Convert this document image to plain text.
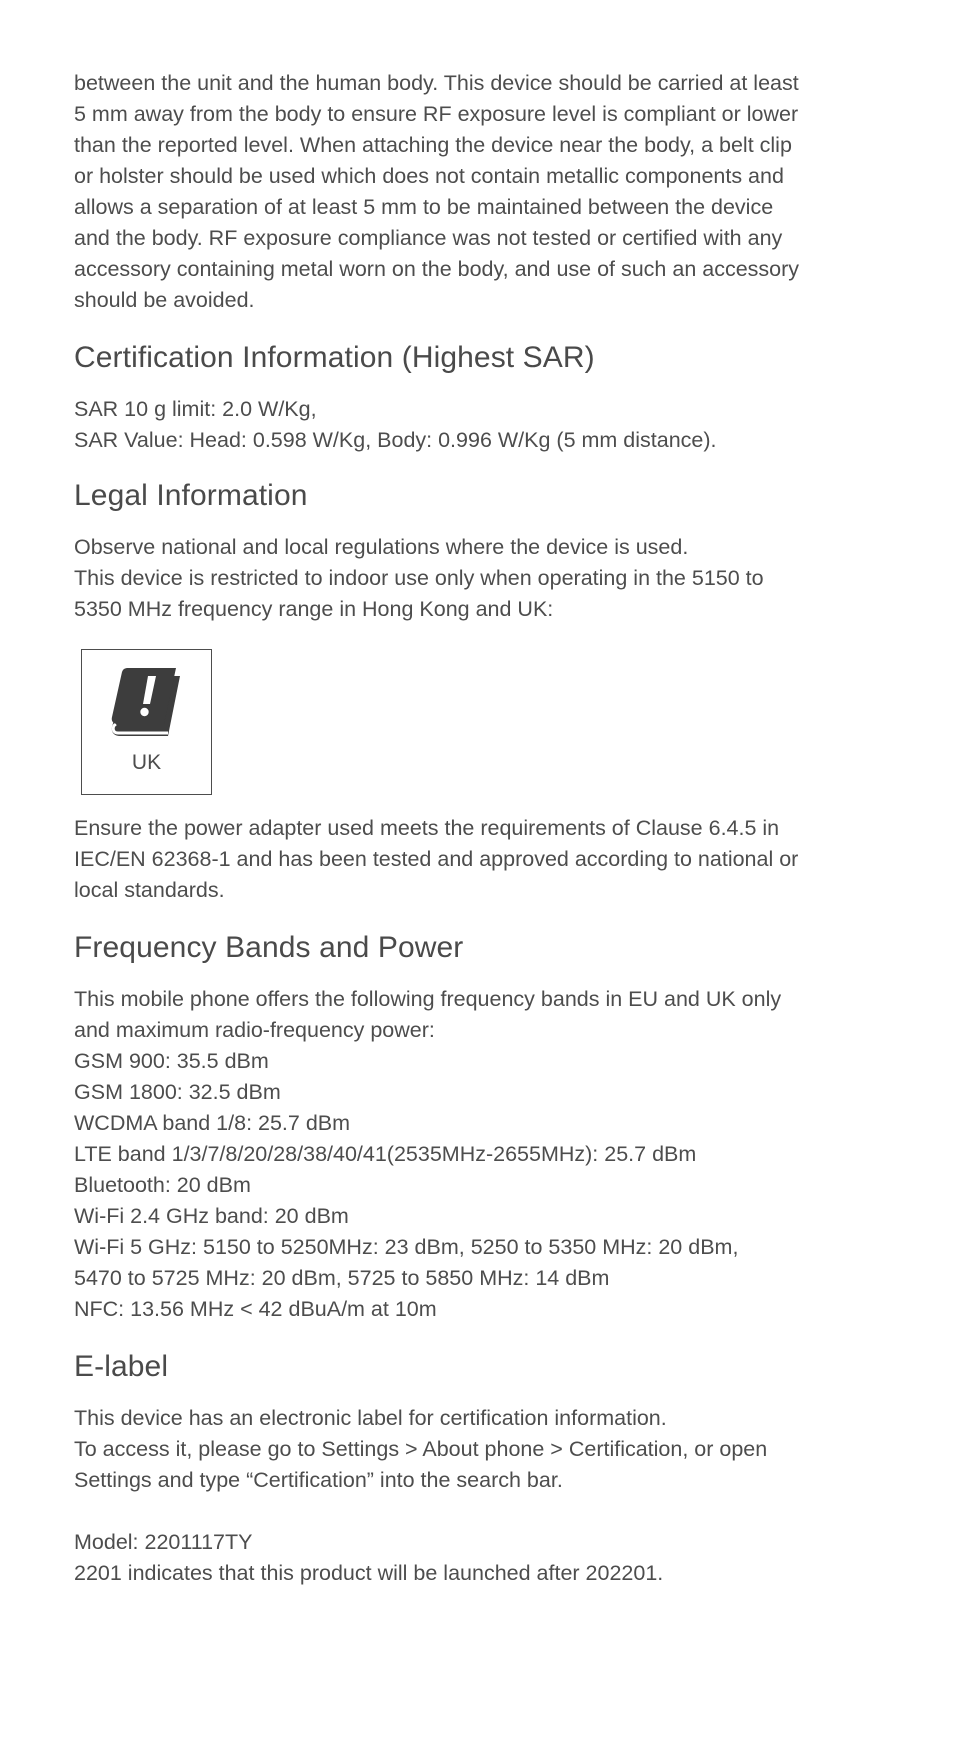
between the unit and the human body. This device should be carried at least
5 mm away from the body to ensure RF exposure level is compliant or lower
than the reported level. When attaching the device near the body, a belt clip
or holster should be used which does not contain metallic components and
allows a separation of at least 5 mm to be maintained between the device
and the body. RF exposure compliance was not tested or certified with any
accessory containing metal worn on the body, and use of such an accessory
should be avoided.

Certification Information (Highest SAR)

SAR 10 g limit: 2.0 W/Kg,
SAR Value: Head: 0.598 W/Kg, Body: 0.996 W/Kg (5 mm distance).

Legal Information

Observe national and local regulations where the device is used.
This device is restricted to indoor use only when operating in the 5150 to
5350 MHz frequency range in Hong Kong and UK:

UK

Ensure the power adapter used meets the requirements of Clause 6.4.5 in
IEC/EN 62368-1 and has been tested and approved according to national or
local standards.

Frequency Bands and Power

This mobile phone offers the following frequency bands in EU and UK only
and maximum radio-frequency power:
GSM 900: 35.5 dBm
GSM 1800: 32.5 dBm
WCDMA band 1/8: 25.7 dBm
LTE band 1/3/7/8/20/28/38/40/41(2535MHz-2655MHz): 25.7 dBm
Bluetooth: 20 dBm
Wi-Fi 2.4 GHz band: 20 dBm
Wi-Fi 5 GHz: 5150 to 5250MHz: 23 dBm, 5250 to 5350 MHz: 20 dBm,
5470 to 5725 MHz: 20 dBm, 5725 to 5850 MHz: 14 dBm
NFC: 13.56 MHz < 42 dBuA/m at 10m

E-label

This device has an electronic label for certification information.
To access it, please go to Settings > About phone > Certification, or open
Settings and type “Certification” into the search bar.

Model: 2201117TY
2201 indicates that this product will be launched after 202201.
